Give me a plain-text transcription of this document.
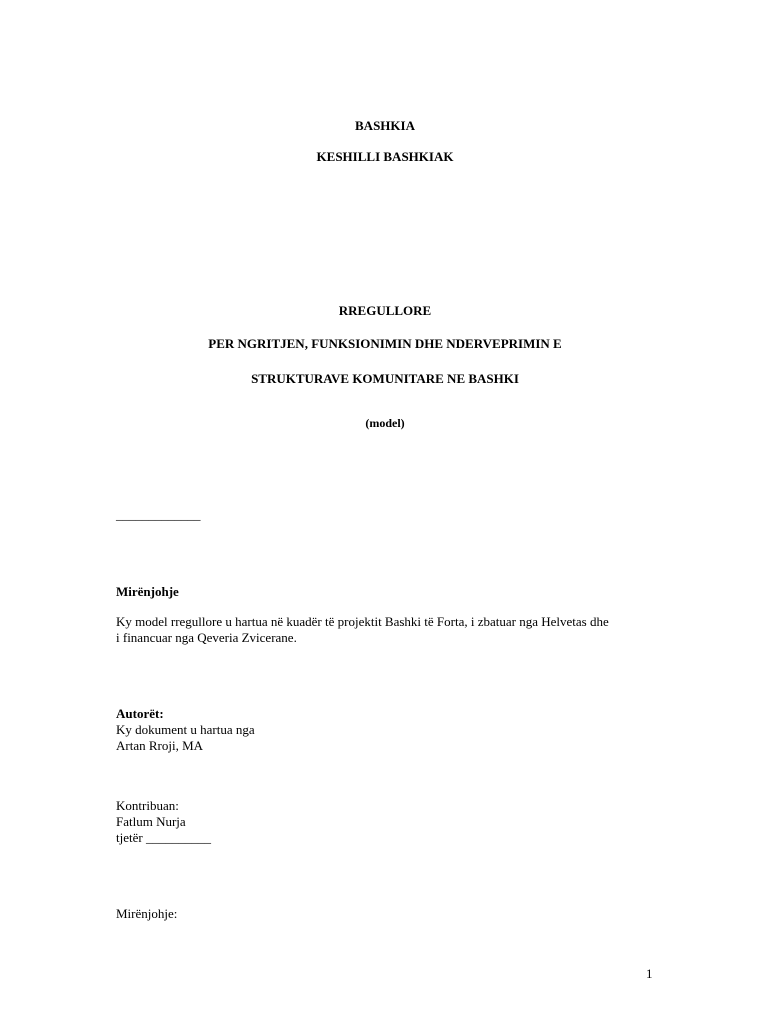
BASHKIA
KESHILLI BASHKIAK
RREGULLORE
PER NGRITJEN, FUNKSIONIMIN DHE NDERVEPRIMIN E
STRUKTURAVE KOMUNITARE NE BASHKI
(model)
_____________
Mirënjohje
Ky model rregullore u hartua në kuadër të projektit Bashki të Forta, i zbatuar nga Helvetas dhe
i financuar nga Qeveria Zvicerane.
Autorët:
Ky dokument u hartua nga
Artan Rroji, MA
Kontribuan:
Fatlum Nurja
tjetër __________
Mirënjohje:
1
